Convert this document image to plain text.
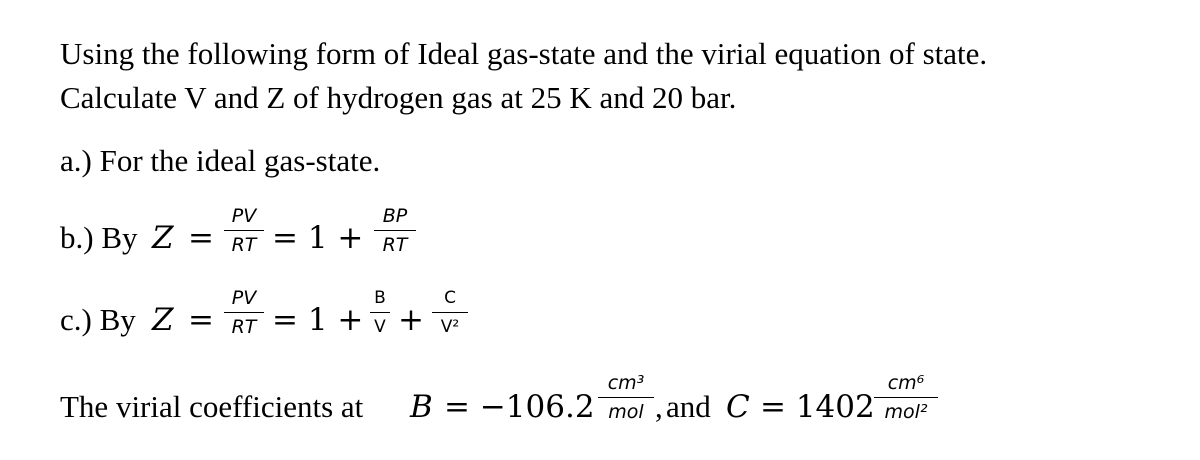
Using the following form of Ideal gas-state and the virial equation of state.
Calculate V and Z of hydrogen gas at 25 K and 20 bar.
a.) For the ideal gas-state.
b.) By Z =
PV
RT = 1 +
BP
RT
c.) By Z =
PV
RT = 1 +
B
V +
C
V²
The virial coefficients at B = −106.2
cm³
mol , and C = 1402
cm⁶
mol²
